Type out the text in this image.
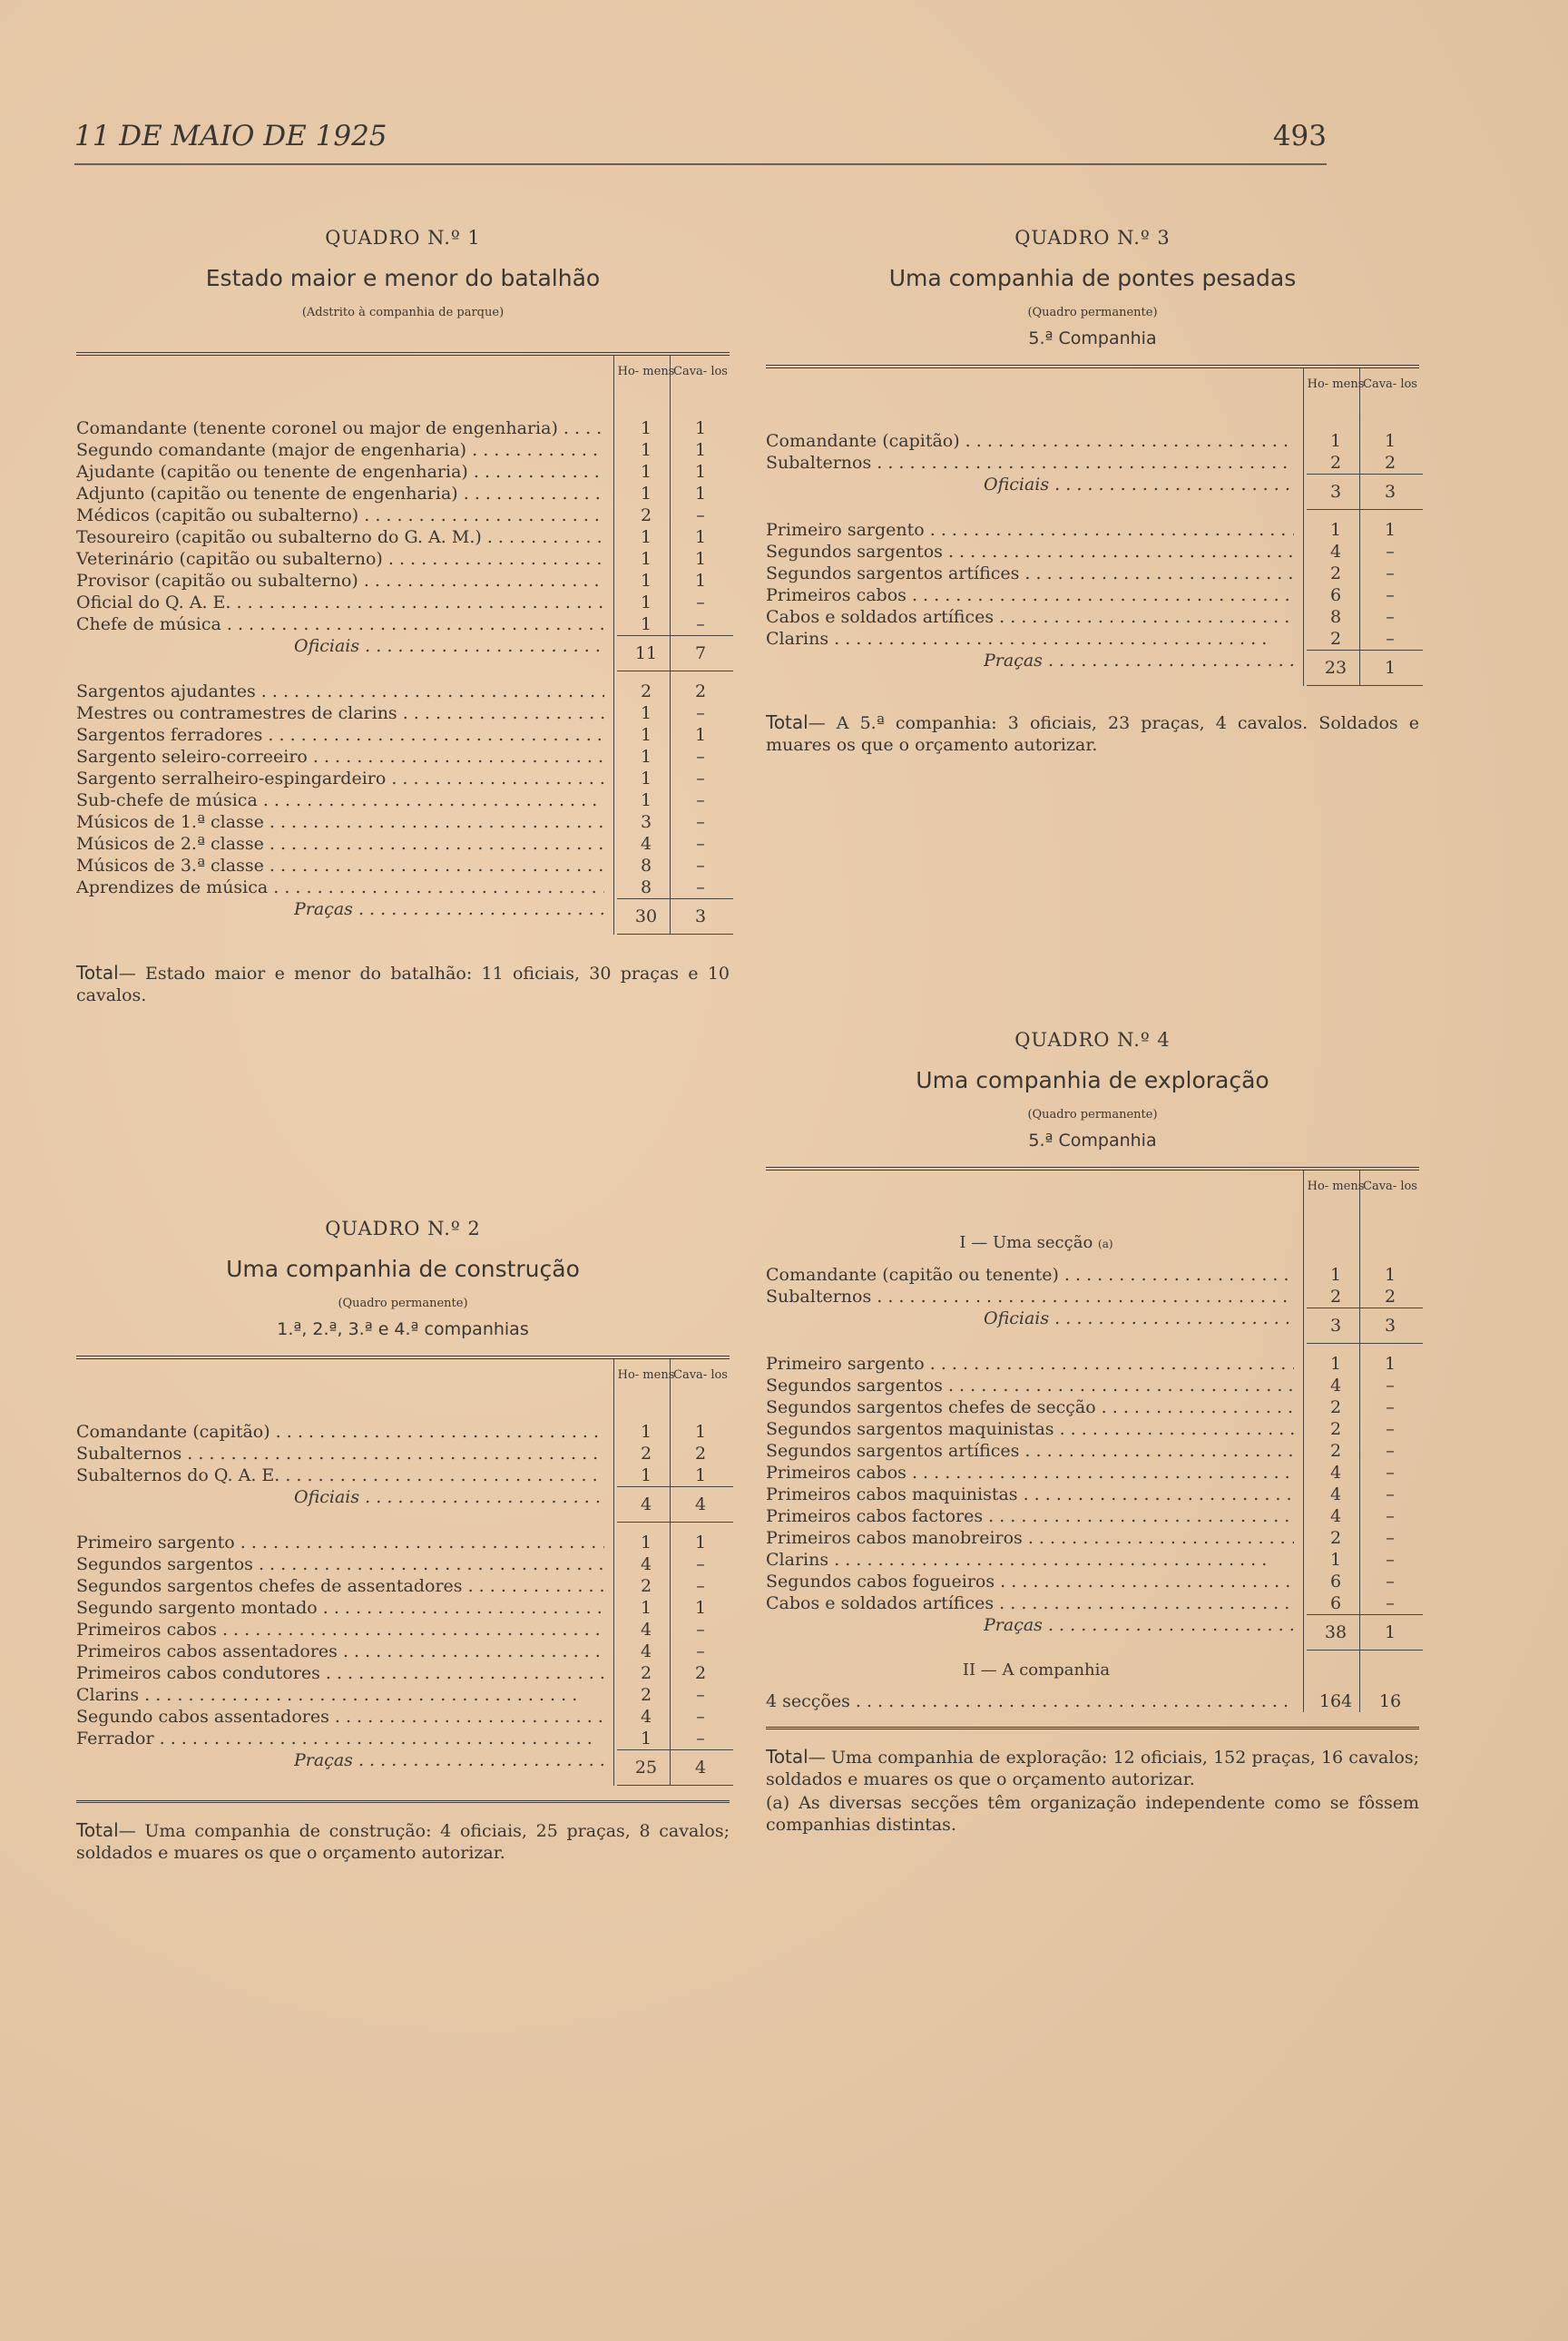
11 DE MAIO DE 1925	493
QUADRO N.º 1
Estado maior e menor do batalhão
(Adstrito à companhia de parque)
Ho- mens
Cava- los
Comandante (tenente coronel ou major de engenharia) . . .	1	1
Segundo comandante (major de engenharia) . . .	1	1
Ajudante (capitão ou tenente de engenharia) . . .	1	1
Adjunto (capitão ou tenente de engenharia) . . .	1	1
Médicos (capitão ou subalterno) . . .	2	–
Tesoureiro (capitão ou subalterno do G. A. M.) . . .	1	1
Veterinário (capitão ou subalterno) . . .	1	1
Provisor (capitão ou subalterno) . . .	1	1
Oficial do Q. A. E. . . .	1	–
Chefe de música . . .	1	–
Oficiais . . .	11	7
Sargentos ajudantes . . .	2	2
Mestres ou contramestres de clarins . . .	1	–
Sargentos ferradores . . .	1	1
Sargento seleiro-correeiro . . .	1	–
Sargento serralheiro-espingardeiro . . .	1	–
Sub-chefe de música . . .	1	–
Músicos de 1.ª classe . . .	3	–
Músicos de 2.ª classe . . .	4	–
Músicos de 3.ª classe . . .	8	–
Aprendizes de música . . .	8	–
Praças . . .	30	3
Total— Estado maior e menor do batalhão: 11 oficiais, 30 praças e 10 cavalos.
QUADRO N.º 2
Uma companhia de construção
(Quadro permanente)
1.ª, 2.ª, 3.ª e 4.ª companhias
Ho- mens
Cava- los
Comandante (capitão) . . .	1	1
Subalternos . . .	2	2
Subalternos do Q. A. E. . . .	1	1
Oficiais . . .	4	4
Primeiro sargento . . .	1	1
Segundos sargentos . . .	4	–
Segundos sargentos chefes de assentadores . . .	2	–
Segundo sargento montado . . .	1	1
Primeiros cabos . . .	4	–
Primeiros cabos assentadores . . .	4	–
Primeiros cabos condutores . . .	2	2
Clarins . . .	2	–
Segundo cabos assentadores . . .	4	–
Ferrador . . .	1	–
Praças . . .	25	4
Total— Uma companhia de construção: 4 oficiais, 25 praças, 8 cavalos; soldados e muares os que o orçamento autorizar.
QUADRO N.º 3
Uma companhia de pontes pesadas
(Quadro permanente)
5.ª Companhia
Ho- mens
Cava- los
Comandante (capitão) . . .	1	1
Subalternos . . .	2	2
Oficiais . . .	3	3
Primeiro sargento . . .	1	1
Segundos sargentos . . .	4	–
Segundos sargentos artífices . . .	2	–
Primeiros cabos . . .	6	–
Cabos e soldados artífices . . .	8	–
Clarins . . .	2	–
Praças . . .	23	1
Total— A 5.ª companhia: 3 oficiais, 23 praças, 4 cavalos. Soldados e muares os que o orçamento autorizar.
QUADRO N.º 4
Uma companhia de exploração
(Quadro permanente)
5.ª Companhia
Ho- mens
Cava- los
I — Uma secção (a)
Comandante (capitão ou tenente) . . .	1	1
Subalternos . . .	2	2
Oficiais . . .	3	3
Primeiro sargento . . .	1	1
Segundos sargentos . . .	4	–
Segundos sargentos chefes de secção . . .	2	–
Segundos sargentos maquinistas . . .	2	–
Segundos sargentos artífices . . .	2	–
Primeiros cabos . . .	4	–
Primeiros cabos maquinistas . . .	4	–
Primeiros cabos factores . . .	4	–
Primeiros cabos manobreiros . . .	2	–
Clarins . . .	1	–
Segundos cabos fogueiros . . .	6	–
Cabos e soldados artífices . . .	6	–
Praças . . .	38	1
II — A companhia
4 secções . . .	164	16
Total— Uma companhia de exploração: 12 oficiais, 152 praças, 16 cavalos; soldados e muares os que o orçamento autorizar.
(a) As diversas secções têm organização independente como se fôssem companhias distintas.
